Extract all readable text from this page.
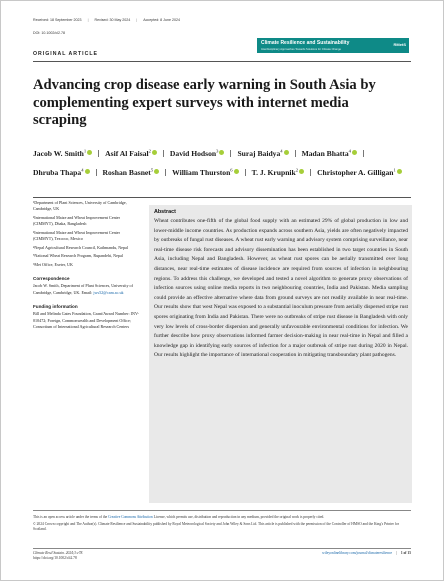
Received: 18 September 2023 | Revised: 30 May 2024 | Accepted: 8 June 2024
DOI: 10.1002/cl2.78
Climate Resilience and Sustainability
Interdisciplinary Approaches Towards Solutions for Climate Change
RMetS
ORIGINAL ARTICLE
Advancing crop disease early warning in South Asia by complementing expert surveys with internet media scraping
Jacob W. Smith$^1$	Asif Al Faisal$^2$	David Hodson$^3$	Suraj Baidya$^4$	Madan Bhatta$^4$Dhruba Thapa$^4$	Roshan Basnet$^5$	William Thurston$^6$	T. J. Krupnik$^2$	Christopher A. Gilligan$^1$

¹Department of Plant Sciences, University of Cambridge, Cambridge, UK

²International Maize and Wheat Improvement Center (CIMMYT), Dhaka, Bangladesh

³International Maize and Wheat Improvement Center (CIMMYT), Texcoco, Mexico

⁴Nepal Agricultural Research Council, Kathmandu, Nepal

⁵National Wheat Research Program, Rupandehi, Nepal

⁶Met Office, Exeter, UK

Correspondence

Jacob W. Smith, Department of Plant Sciences, University of Cambridge, Cambridge, UK. Email: jws52@cam.ac.uk

Funding information

Bill and Melinda Gates Foundation, Grant/Award Number: INV-010472; Foreign, Commonwealth and Development Office; Consortium of International Agricultural Research Centers

Abstract
Wheat contributes one-fifth of the global food supply with an estimated 29% of global production in low and lower-middle income countries. As production expands across southern Asia, yields are often negatively impacted by outbreaks of fungal rust diseases. A wheat rust early warning and advisory system comprising surveillance, near real-time disease risk forecasts and advisory dissemination has been established in two target countries in South Asia, including Nepal and Bangladesh. However, as wheat rust spores can be aerially transmitted over long distances, near real-time estimates of disease incidence are required from sources of infection in neighbouring regions. To address this challenge, we developed and tested a novel algorithm to generate proxy observations of infection sources using online media reports in two neighbouring countries, India and Pakistan. Media sampling could provide an effective alternative where data from ground surveys are not readily available in near real-time. Our results show that west Nepal was exposed to a substantial inoculum pressure from aerially dispersed stripe rust spores originating from India and Pakistan. There were no outbreaks of stripe rust disease in Bangladesh with only very low levels of cross-border dispersion and generally unfavourable environmental conditions for infection. We further describe how proxy observations informed farmer decision-making in near real-time in Nepal and filled a knowledge gap in identifying early sources of infection for a major outbreak of stripe rust during 2020 in Nepal. Our results highlight the importance of international cooperation in mitigating transboundary plant pathogens.

This is an open access article under the terms of the Creative Commons Attribution License, which permits use, distribution and reproduction in any medium, provided the original work is properly cited.

© 2024 Crown copyright and The Author(s). Climate Resilience and Sustainability published by Royal Meteorological Society and John Wiley & Sons Ltd. This article is published with the permission of the Controller of HMSO and the King's Printer for Scotland.

Climate Resil Sustain. 2024;3:e78.
https://doi.org/10.1002/cli2.78
wileyonlinelibrary.com/journal/climateresilience | 1 of 15
